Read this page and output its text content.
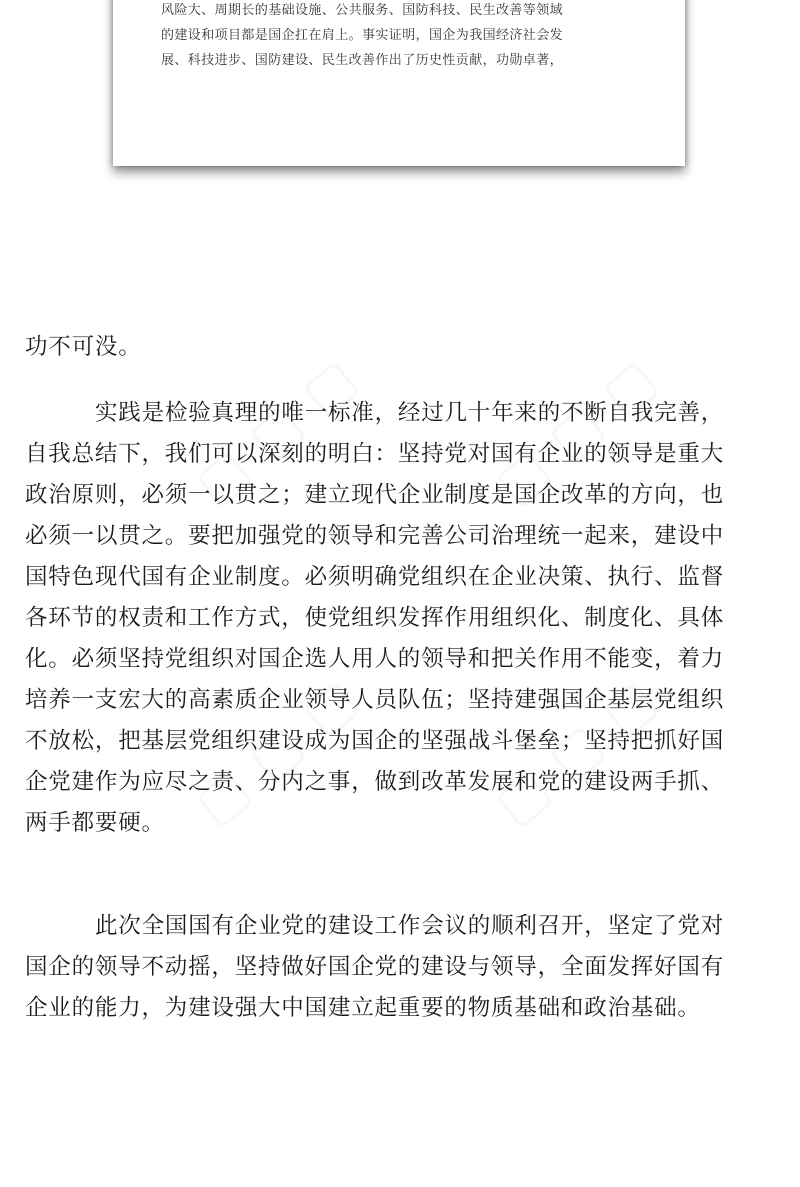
▢ ▢ ▢ ▢ ▢ ▢
▢ ▢ ▢ ▢ ▢ ▢

风险大、周期长的基础设施、公共服务、国防科技、民生改善等领域
的建设和项目都是国企扛在肩上。事实证明，国企为我国经济社会发
展、科技进步、国防建设、民生改善作出了历史性贡献，功勋卓著，

功不可没。

实践是检验真理的唯一标准，经过几十年来的不断自我完善，
自我总结下，我们可以深刻的明白：坚持党对国有企业的领导是重大
政治原则，必须一以贯之；建立现代企业制度是国企改革的方向，也
必须一以贯之。要把加强党的领导和完善公司治理统一起来，建设中
国特色现代国有企业制度。必须明确党组织在企业决策、执行、监督
各环节的权责和工作方式，使党组织发挥作用组织化、制度化、具体
化。必须坚持党组织对国企选人用人的领导和把关作用不能变，着力
培养一支宏大的高素质企业领导人员队伍；坚持建强国企基层党组织
不放松，把基层党组织建设成为国企的坚强战斗堡垒；坚持把抓好国
企党建作为应尽之责、分内之事，做到改革发展和党的建设两手抓、
两手都要硬。

此次全国国有企业党的建设工作会议的顺利召开，坚定了党对
国企的领导不动摇，坚持做好国企党的建设与领导，全面发挥好国有
企业的能力，为建设强大中国建立起重要的物质基础和政治基础。
